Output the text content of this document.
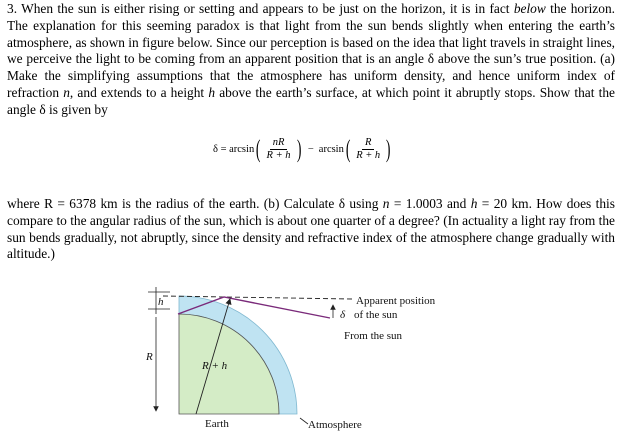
3. When the sun is either rising or setting and appears to be just on the horizon, it is in fact below the horizon. The explanation for this seeming paradox is that light from the sun bends slightly when entering the earth’s atmosphere, as shown in figure below. Since our perception is based on the idea that light travels in straight lines, we perceive the light to be coming from an apparent position that is an angle δ above the sun’s true position. (a) Make the simplifying assumptions that the atmosphere has uniform density, and hence uniform index of refraction n, and extends to a height h above the earth’s surface, at which point it abruptly stops. Show that the angle δ is given by

δ = arcsin ( $\frac{nR}{R + h}$ ) − arcsin ( $\frac{R}{R + h}$ )

where R = 6378 km is the radius of the earth. (b) Calculate δ using n = 1.0003 and h = 20 km. How does this compare to the angular radius of the sun, which is about one quarter of a degree? (In actuality a light ray from the sun bends gradually, not abruptly, since the density and refractive index of the atmosphere change gradually with altitude.)

h
R
R + h
Apparent position
δ of the sun
From the sun
Earth	Atmosphere
